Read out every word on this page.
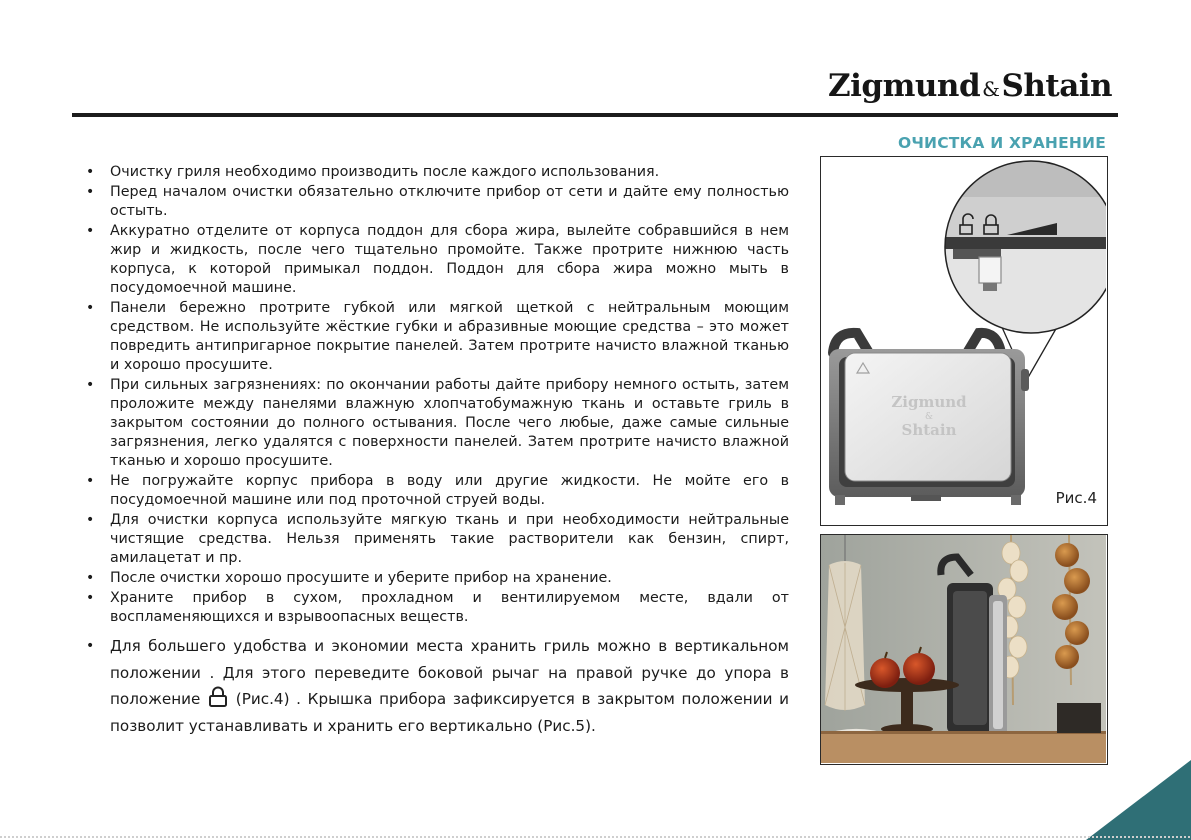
Zigmund &Shtain
ОЧИСТКА И ХРАНЕНИЕ
• Очистку гриля необходимо производить после каждого использования.
• Перед началом очистки обязательно отключите прибор от сети и дайте ему полностью остыть.
• Аккуратно отделите от корпуса поддон для сбора жира, вылейте собравшийся в нем жир и жидкость, после чего тщательно промойте. Также протрите нижнюю часть корпуса, к которой примыкал поддон. Поддон для сбора жира можно мыть в посудомоечной машине.
• Панели бережно протрите губкой или мягкой щеткой с нейтральным моющим средством. Не используйте жёсткие губки и абразивные моющие средства – это может повредить антипригарное покрытие панелей. Затем протрите начисто влажной тканью и хорошо просушите.
• При сильных загрязнениях: по окончании работы дайте прибору немного остыть, затем проложите между панелями влажную хлопчатобумажную ткань и оставьте гриль в закрытом состоянии до полного остывания. После чего любые, даже самые сильные загрязнения, легко удалятся с поверхности панелей. Затем протрите начисто влажной тканью и хорошо просушите.
• Не погружайте корпус прибора в воду или другие жидкости. Не мойте его в посудомоечной машине или под проточной струей воды.
• Для очистки корпуса используйте мягкую ткань и при необходимости нейтральные чистящие средства. Нельзя применять такие растворители как бензин, спирт, амилацетат и пр.
• После очистки хорошо просушите и уберите прибор на хранение.
• Храните прибор в сухом, прохладном и вентилируемом месте, вдали от воспламеняющихся и взрывоопасных веществ.
• Для большего удобства и экономии места хранить гриль можно в вертикальном положении . Для этого переведите боковой рычаг на правой ручке до упора в положение  (Рис.4) . Крышка прибора зафиксируется в закрытом положении и позволит устанавливать и хранить его вертикально (Рис.5).
Zigmund
&
Shtain
Рис.4
